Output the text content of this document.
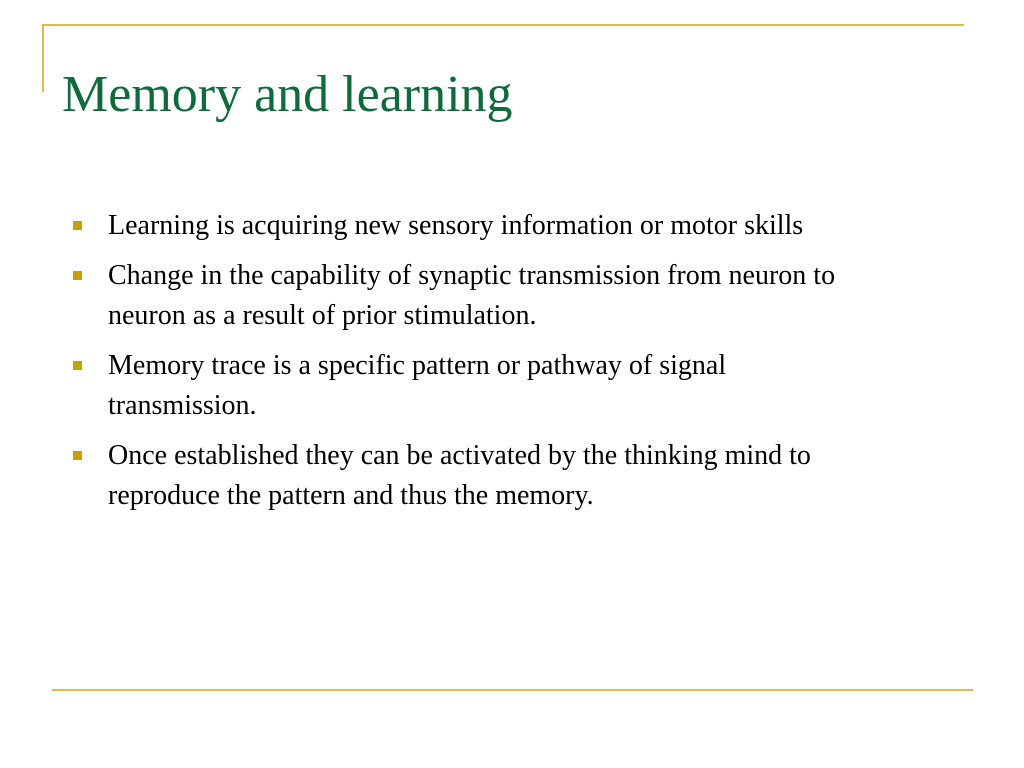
Memory and learning
Learning is acquiring new sensory information or motor skills
Change in the capability of synaptic transmission from neuron to neuron as a result of prior stimulation.
Memory trace is a specific pattern or pathway of signal transmission.
Once established they can be activated by the thinking mind to reproduce the pattern and thus the memory.
